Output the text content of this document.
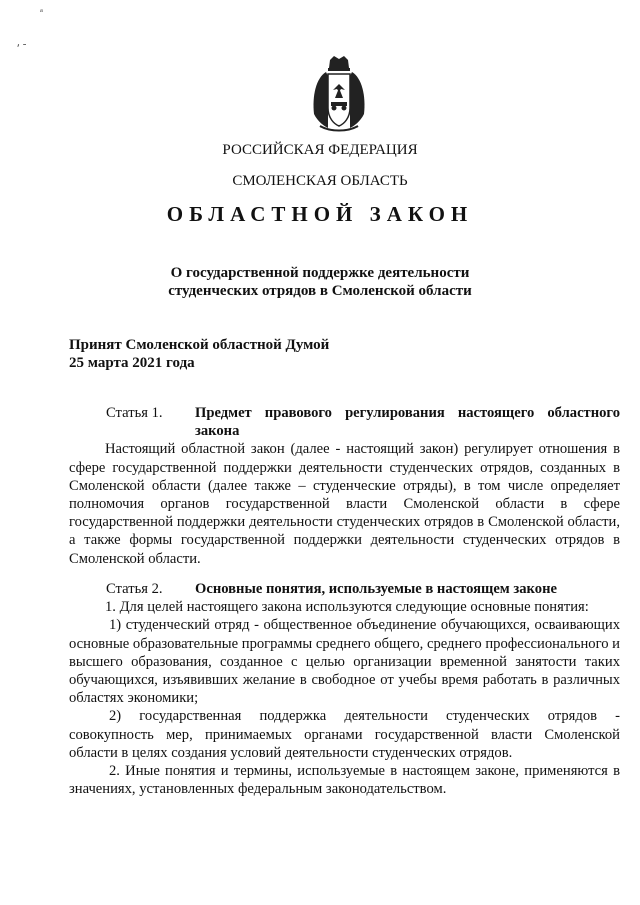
ᵃ
⸴ -
РОССИЙСКАЯ ФЕДЕРАЦИЯ
СМОЛЕНСКАЯ ОБЛАСТЬ
ОБЛАСТНОЙ ЗАКОН
О государственной поддержке деятельности
студенческих отрядов в Смоленской области
Принят Смоленской областной Думой
25 марта 2021 года
Статья 1.	Предмет правового регулирования настоящего областного закона

Настоящий областной закон (далее - настоящий закон) регулирует отношения в сфере государственной поддержки деятельности студенческих отрядов, созданных в Смоленской области (далее также – студенческие отряды), в том числе определяет полномочия органов государственной власти Смоленской области в сфере государственной поддержки деятельности студенческих отрядов в Смоленской области, а также формы государственной поддержки деятельности студенческих отрядов в Смоленской области.

Статья 2.	Основные понятия, используемые в настоящем законе

1. Для целей настоящего закона используются следующие основные понятия:

1) студенческий отряд - общественное объединение обучающихся, осваивающих основные образовательные программы среднего общего, среднего профессионального и высшего образования, созданное с целью организации временной занятости таких обучающихся, изъявивших желание в свободное от учебы время работать в различных областях экономики;

2) государственная поддержка деятельности студенческих отрядов - совокупность мер, принимаемых органами государственной власти Смоленской области в целях создания условий деятельности студенческих отрядов.

2. Иные понятия и термины, используемые в настоящем законе, применяются в значениях, установленных федеральным законодательством.
